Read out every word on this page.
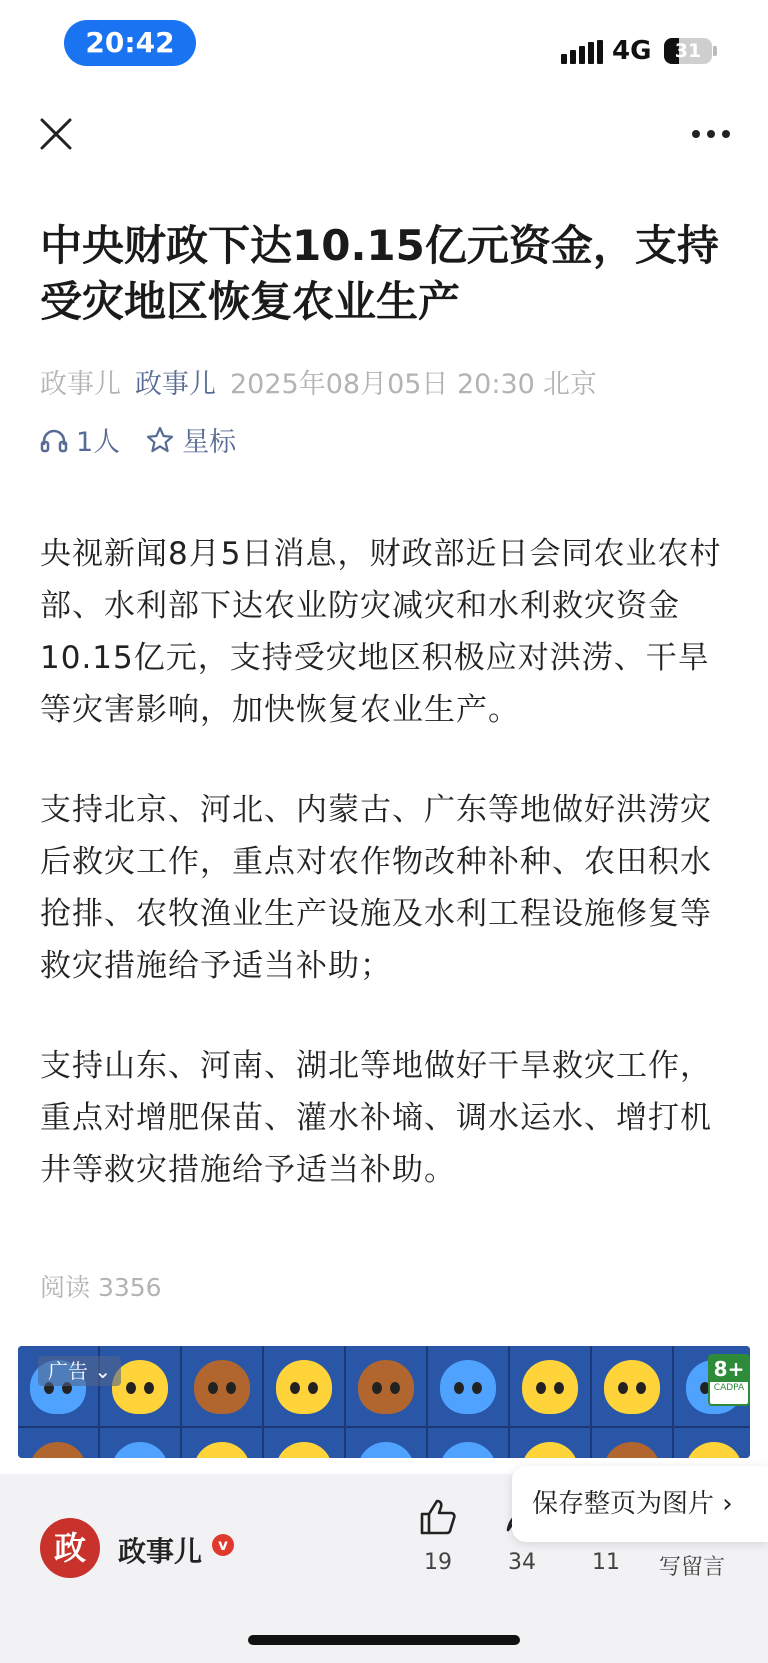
20:42	4G	31
中央财政下达10.15亿元资金，支持受灾地区恢复农业生产
政事儿 政事儿 2025年08月05日 20:30 北京
1人 星标

央视新闻8月5日消息，财政部近日会同农业农村部、水利部下达农业防灾减灾和水利救灾资金10.15亿元，支持受灾地区积极应对洪涝、干旱等灾害影响，加快恢复农业生产。

支持北京、河北、内蒙古、广东等地做好洪涝灾后救灾工作，重点对农作物改种补种、农田积水抢排、农牧渔业生产设施及水利工程设施修复等救灾措施给予适当补助；

支持山东、河南、湖北等地做好干旱救灾工作，重点对增肥保苗、灌水补墒、调水运水、增打机井等救灾措施给予适当补助。

阅读 3356
广告 ⌄	8+
CADPA
政	政事儿	v
19	34	11	写留言
保存整页为图片 ›
